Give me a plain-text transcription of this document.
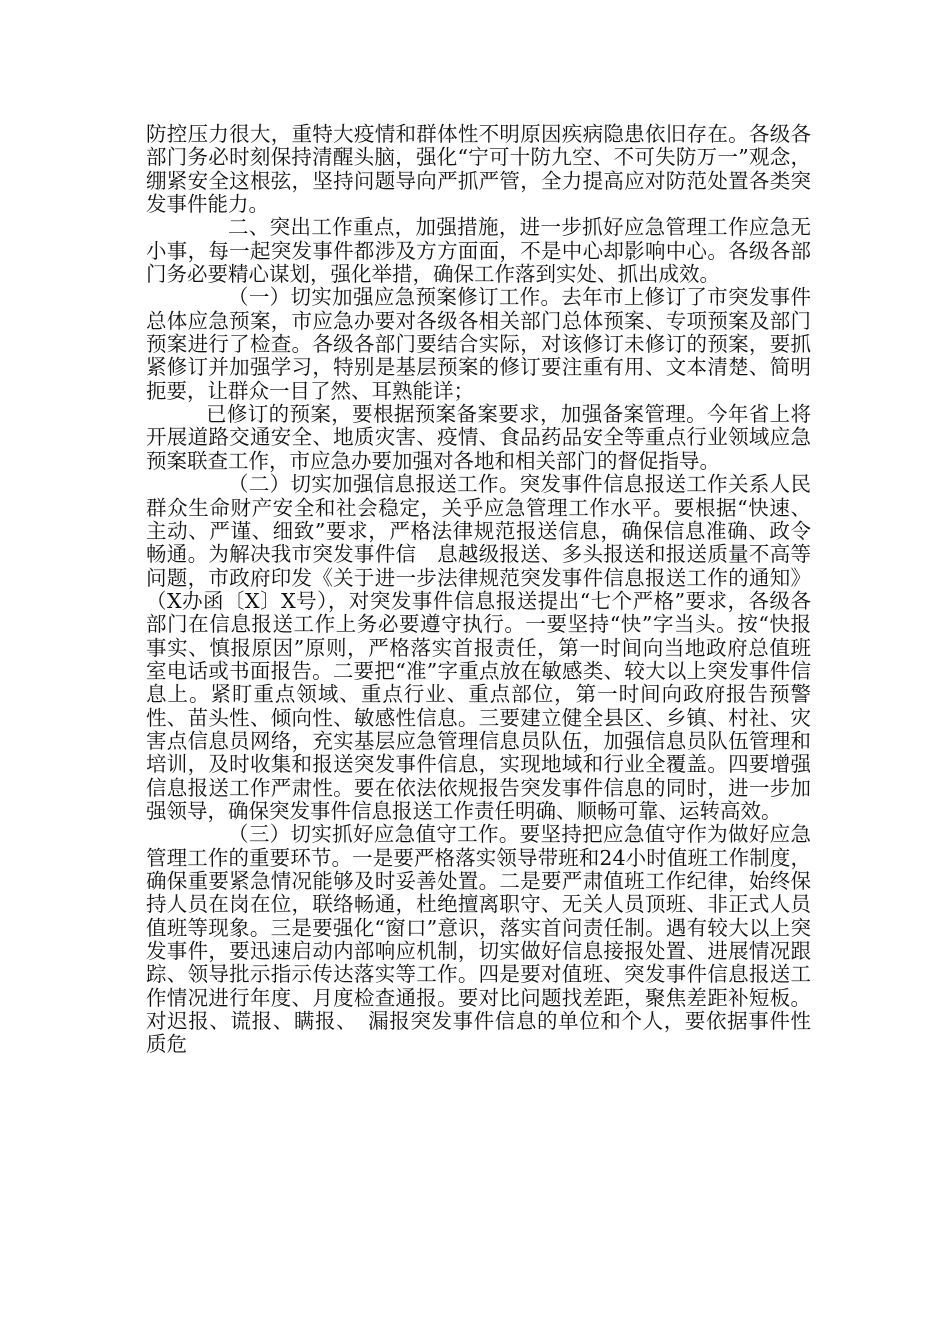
防控压力很大，重特大疫情和群体性不明原因疾病隐患依旧存在。各级各部门务必时刻保持清醒头脑，强化“宁可十防九空、不可失防万一”观念，绷紧安全这根弦，坚持问题导向严抓严管，全力提高应对防范处置各类突发事件能力。

二、突出工作重点，加强措施，进一步抓好应急管理工作应急无小事，每一起突发事件都涉及方方面面，不是中心却影响中心。各级各部门务必要精心谋划，强化举措，确保工作落到实处、抓出成效。

（一）切实加强应急预案修订工作。去年市上修订了市突发事件总体应急预案，市应急办要对各级各相关部门总体预案、专项预案及部门预案进行了检查。各级各部门要结合实际，对该修订未修订的预案，要抓紧修订并加强学习，特别是基层预案的修订要注重有用、文本清楚、简明扼要，让群众一目了然、耳熟能详；

已修订的预案，要根据预案备案要求，加强备案管理。今年省上将开展道路交通安全、地质灾害、疫情、食品药品安全等重点行业领域应急预案联查工作，市应急办要加强对各地和相关部门的督促指导。

（二）切实加强信息报送工作。突发事件信息报送工作关系人民群众生命财产安全和社会稳定，关乎应急管理工作水平。要根据“快速、主动、严谨、细致”要求，严格法律规范报送信息，确保信息准确、政令畅通。为解决我市突发事件信　息越级报送、多头报送和报送质量不高等问题，市政府印发《关于进一步法律规范突发事件信息报送工作的通知》（X办函〔X〕X号），对突发事件信息报送提出“七个严格”要求，各级各部门在信息报送工作上务必要遵守执行。一要坚持“快”字当头。按“快报事实、慎报原因”原则，严格落实首报责任，第一时间向当地政府总值班室电话或书面报告。二要把“准”字重点放在敏感类、较大以上突发事件信息上。紧盯重点领域、重点行业、重点部位，第一时间向政府报告预警性、苗头性、倾向性、敏感性信息。三要建立健全县区、乡镇、村社、灾害点信息员网络，充实基层应急管理信息员队伍，加强信息员队伍管理和培训，及时收集和报送突发事件信息，实现地域和行业全覆盖。四要增强信息报送工作严肃性。要在依法依规报告突发事件信息的同时，进一步加强领导，确保突发事件信息报送工作责任明确、顺畅可靠、运转高效。

（三）切实抓好应急值守工作。要坚持把应急值守作为做好应急管理工作的重要环节。一是要严格落实领导带班和24小时值班工作制度，确保重要紧急情况能够及时妥善处置。二是要严肃值班工作纪律，始终保持人员在岗在位，联络畅通，杜绝擅离职守、无关人员顶班、非正式人员值班等现象。三是要强化“窗口”意识，落实首问责任制。遇有较大以上突发事件，要迅速启动内部响应机制，切实做好信息接报处置、进展情况跟踪、领导批示指示传达落实等工作。四是要对值班、突发事件信息报送工作情况进行年度、月度检查通报。要对比问题找差距，聚焦差距补短板。对迟报、谎报、瞒报、　漏报突发事件信息的单位和个人，要依据事件性质危
